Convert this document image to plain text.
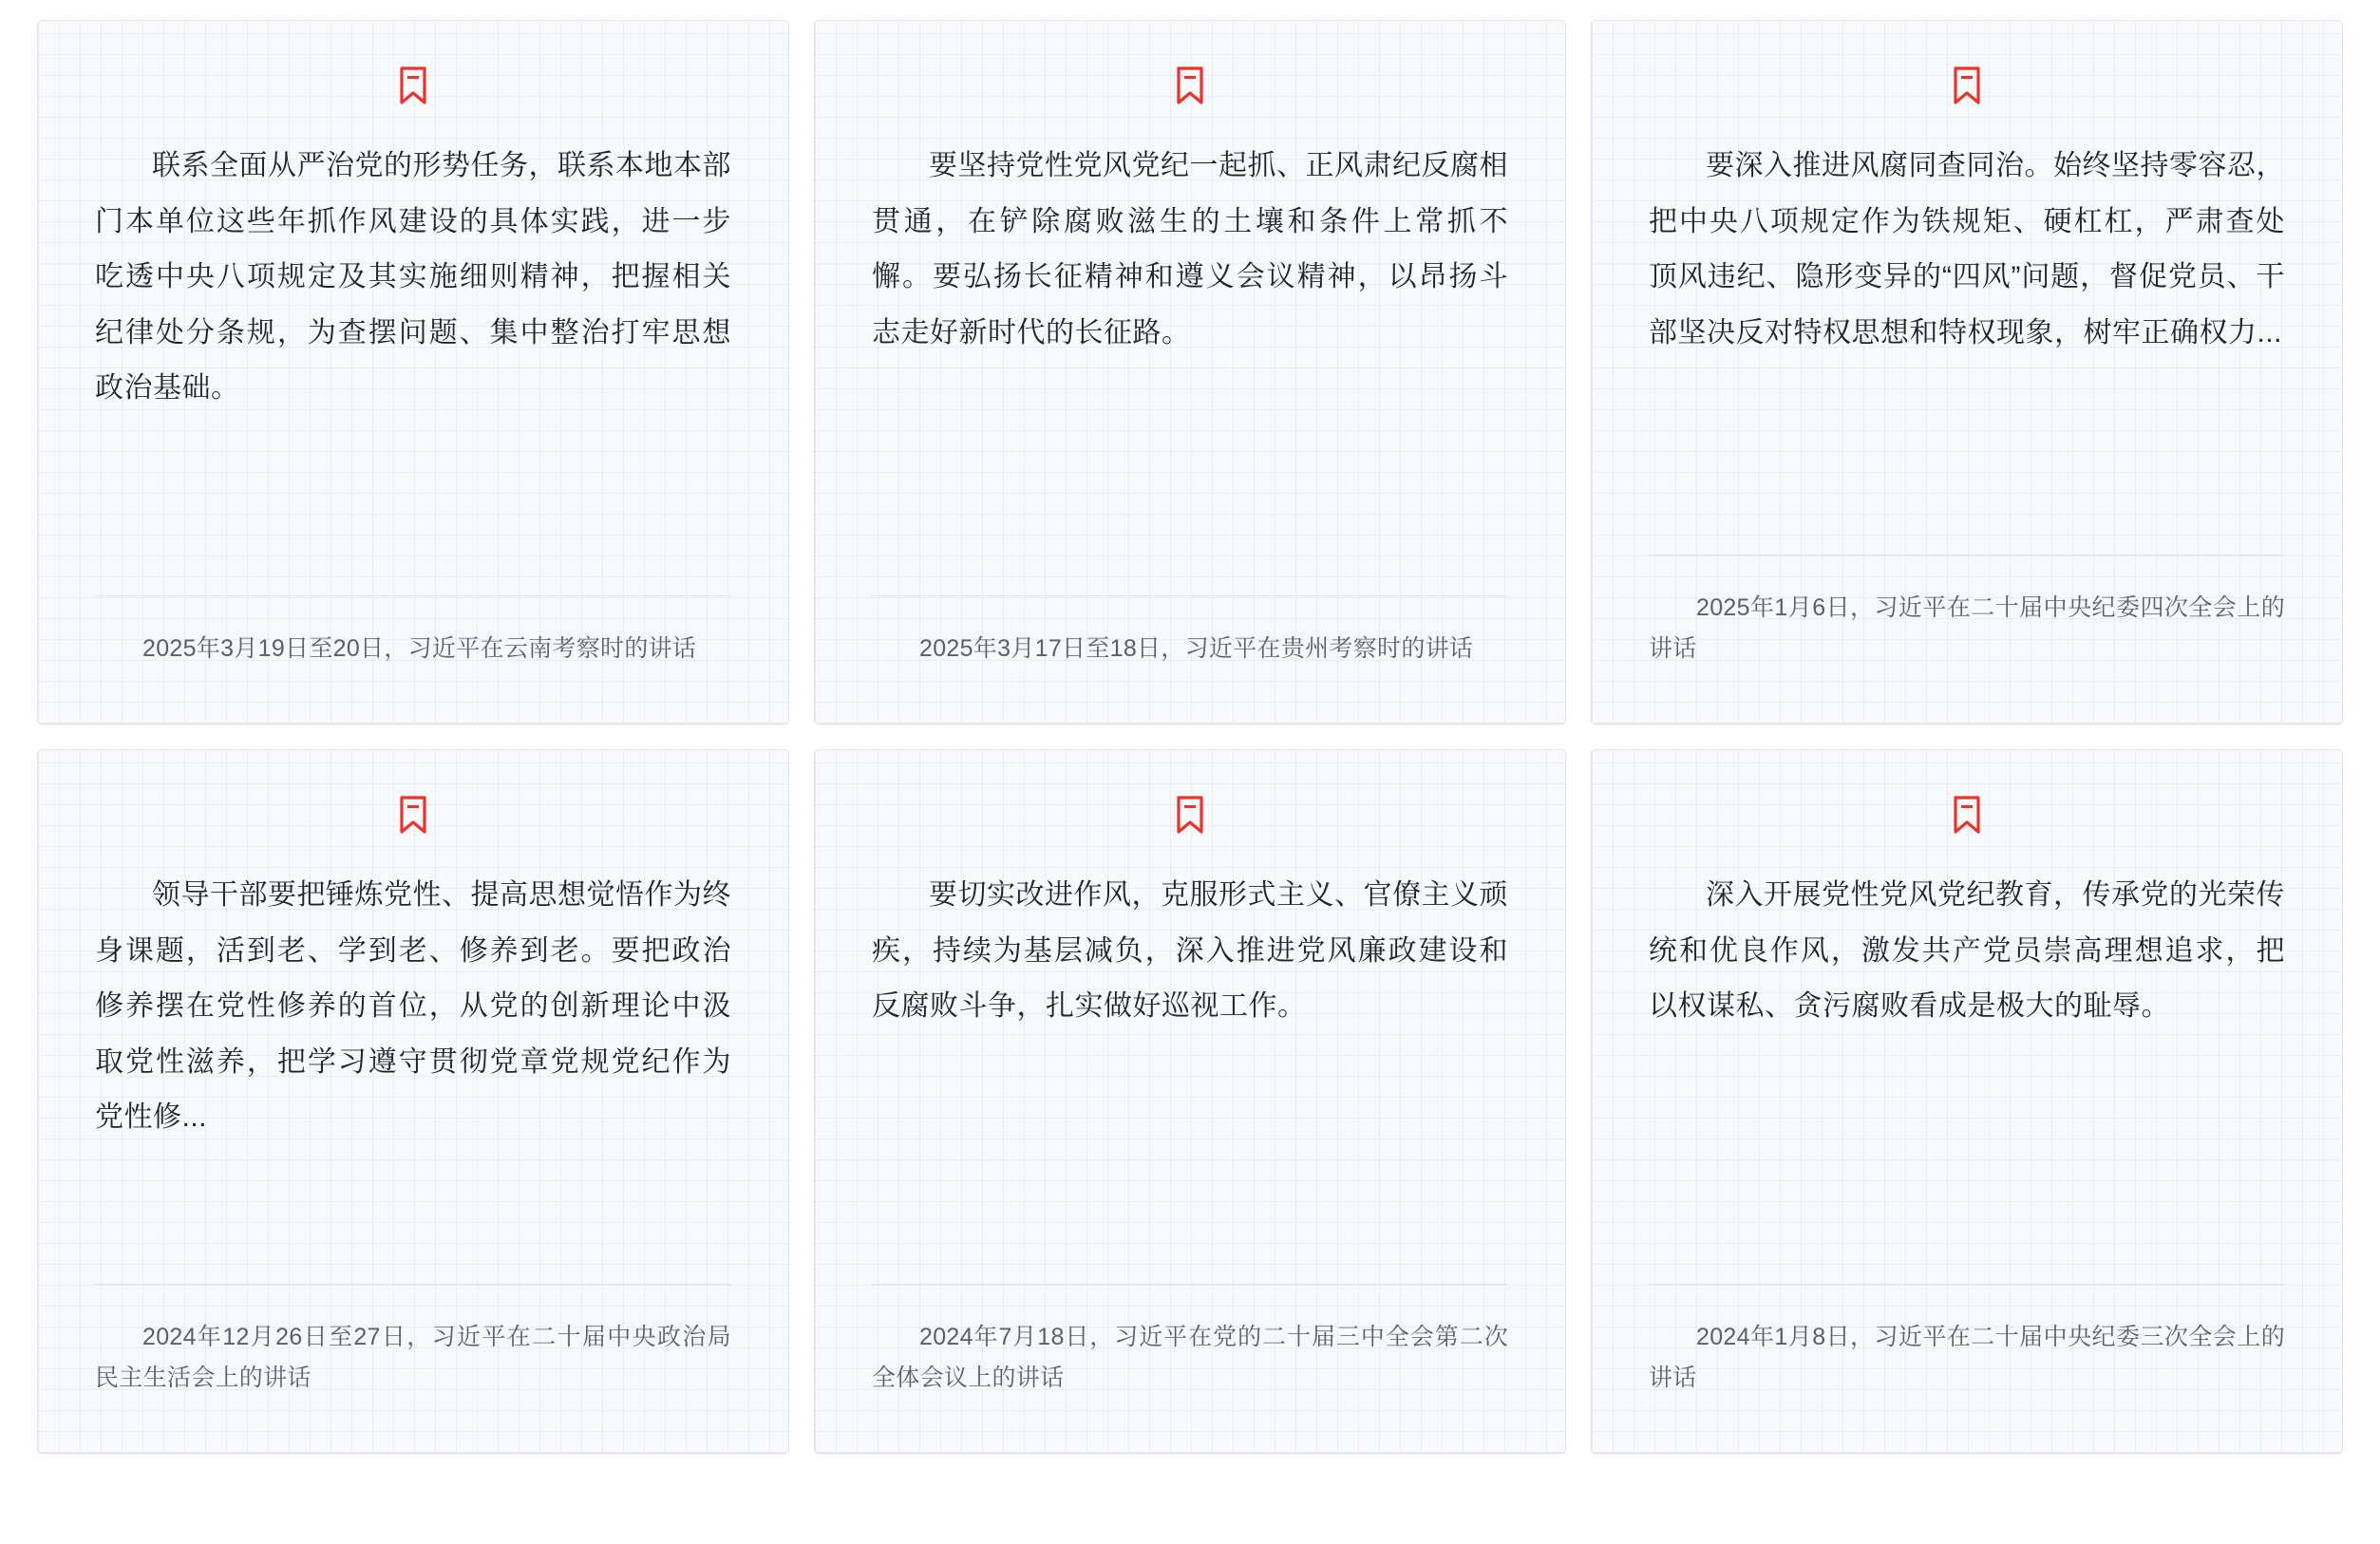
联系全面从严治党的形势任务，联系本地本部门本单位这些年抓作风建设的具体实践，进一步吃透中央八项规定及其实施细则精神，把握相关纪律处分条规，为查摆问题、集中整治打牢思想政治基础。
2025年3月19日至20日，习近平在云南考察时的讲话
要坚持党性党风党纪一起抓、正风肃纪反腐相贯通，在铲除腐败滋生的土壤和条件上常抓不懈。要弘扬长征精神和遵义会议精神，以昂扬斗志走好新时代的长征路。
2025年3月17日至18日，习近平在贵州考察时的讲话
要深入推进风腐同查同治。始终坚持零容忍，把中央八项规定作为铁规矩、硬杠杠，严肃查处顶风违纪、隐形变异的“四风”问题，督促党员、干部坚决反对特权思想和特权现象，树牢正确权力...
2025年1月6日，习近平在二十届中央纪委四次全会上的讲话
领导干部要把锤炼党性、提高思想觉悟作为终身课题，活到老、学到老、修养到老。要把政治修养摆在党性修养的首位，从党的创新理论中汲取党性滋养，把学习遵守贯彻党章党规党纪作为党性修...
2024年12月26日至27日，习近平在二十届中央政治局民主生活会上的讲话
要切实改进作风，克服形式主义、官僚主义顽疾，持续为基层减负，深入推进党风廉政建设和反腐败斗争，扎实做好巡视工作。
2024年7月18日，习近平在党的二十届三中全会第二次全体会议上的讲话
深入开展党性党风党纪教育，传承党的光荣传统和优良作风，激发共产党员崇高理想追求，把以权谋私、贪污腐败看成是极大的耻辱。
2024年1月8日，习近平在二十届中央纪委三次全会上的讲话
